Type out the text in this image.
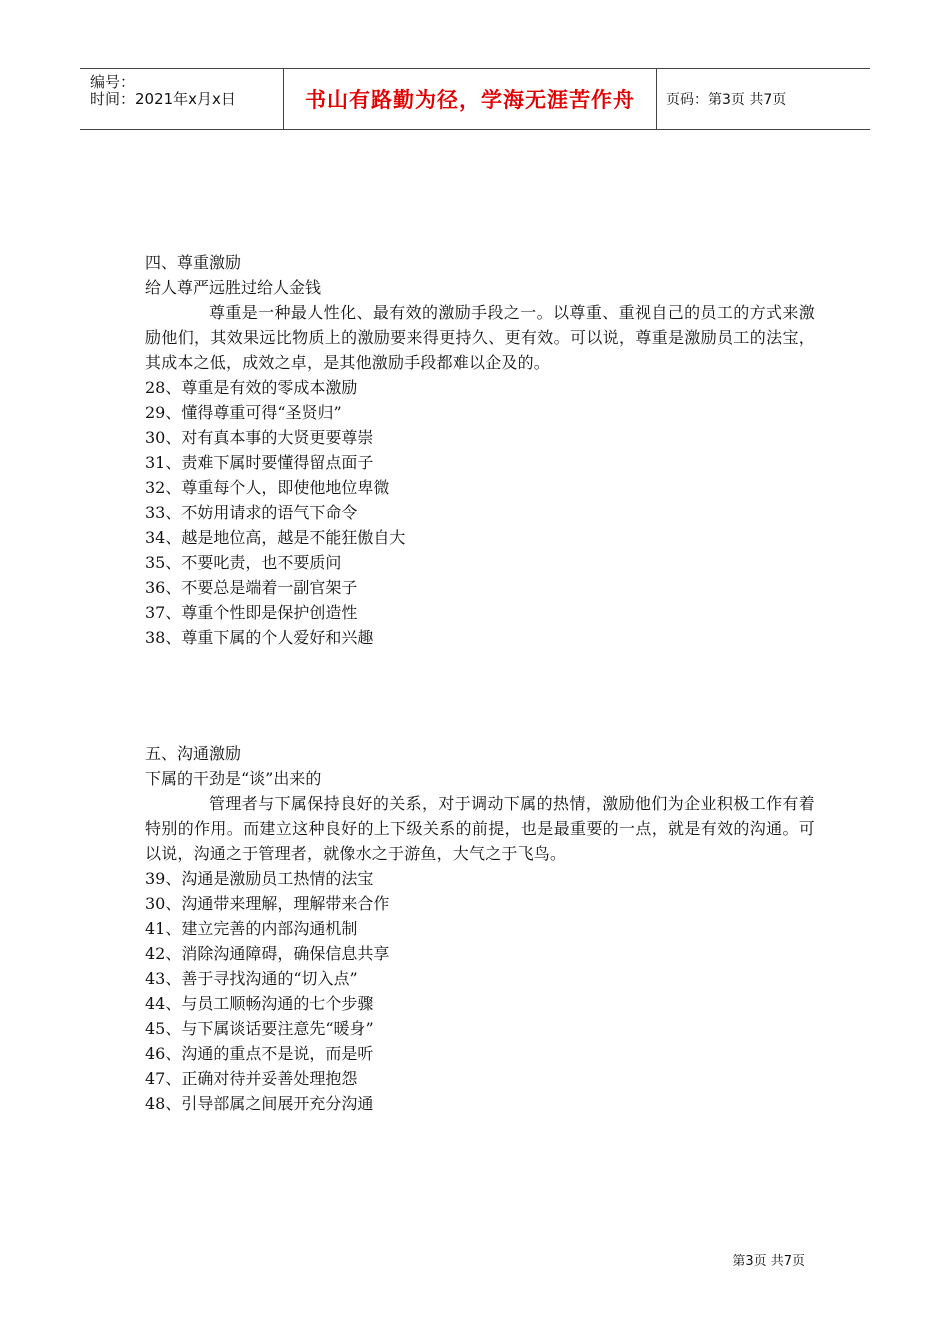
编号：
时间：2021年x月x日	书山有路勤为径，学海无涯苦作舟 页码：第3页 共7页
四、尊重激励
给人尊严远胜过给人金钱
尊重是一种最人性化、最有效的激励手段之一。以尊重、重视自己的员工的方式来激励他们，其效果远比物质上的激励要来得更持久、更有效。可以说，尊重是激励员工的法宝，其成本之低，成效之卓，是其他激励手段都难以企及的。
28、尊重是有效的零成本激励
29、懂得尊重可得“圣贤归”
30、对有真本事的大贤更要尊崇
31、责难下属时要懂得留点面子
32、尊重每个人，即使他地位卑微
33、不妨用请求的语气下命令
34、越是地位高，越是不能狂傲自大
35、不要叱责，也不要质问
36、不要总是端着一副官架子
37、尊重个性即是保护创造性
38、尊重下属的个人爱好和兴趣
五、沟通激励
下属的干劲是“谈”出来的
管理者与下属保持良好的关系，对于调动下属的热情，激励他们为企业积极工作有着特别的作用。而建立这种良好的上下级关系的前提，也是最重要的一点，就是有效的沟通。可以说，沟通之于管理者，就像水之于游鱼，大气之于飞鸟。
39、沟通是激励员工热情的法宝
30、沟通带来理解，理解带来合作
41、建立完善的内部沟通机制
42、消除沟通障碍，确保信息共享
43、善于寻找沟通的“切入点”
44、与员工顺畅沟通的七个步骤
45、与下属谈话要注意先“暖身”
46、沟通的重点不是说，而是听
47、正确对待并妥善处理抱怨
48、引导部属之间展开充分沟通
第3页 共7页
